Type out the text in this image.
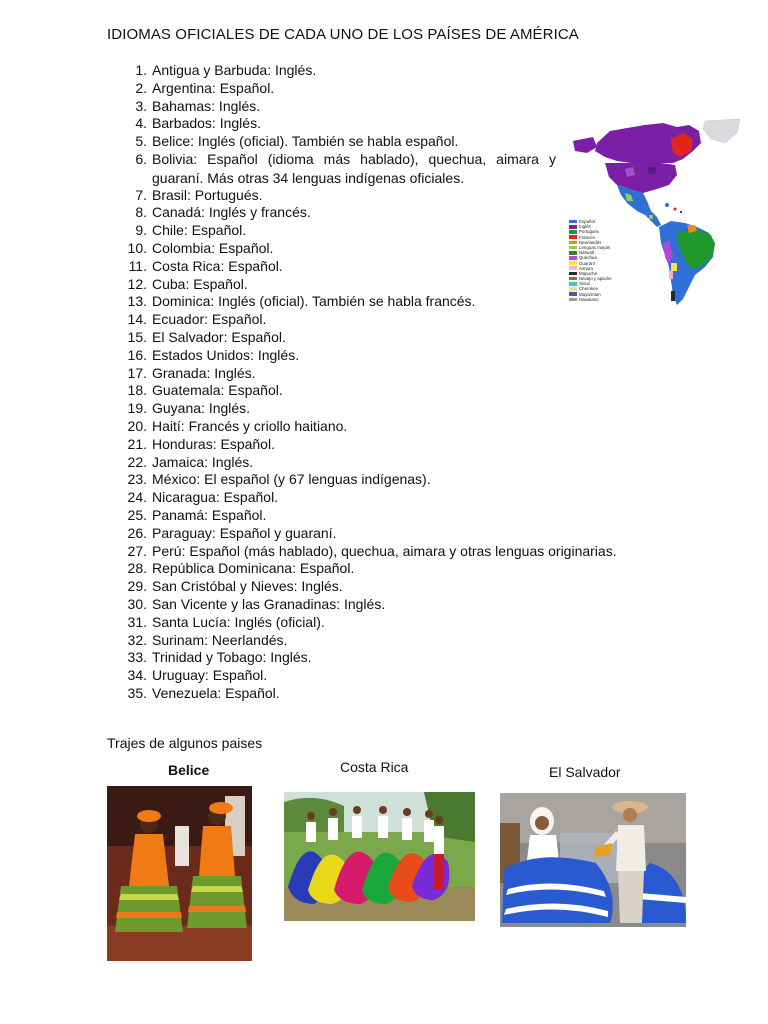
IDIOMAS OFICIALES DE CADA UNO DE LOS PAÍSES DE AMÉRICA
1. Antigua y Barbuda: Inglés.
2. Argentina: Español.
3. Bahamas: Inglés.
4. Barbados: Inglés.
5. Belice: Inglés (oficial). También se habla español.
6. Bolivia: Español (idioma más hablado), quechua, aimara y
7. Brasil: Portugués.
8. Canadá: Inglés y francés.
9. Chile: Español.
10. Colombia: Español.
11. Costa Rica: Español.
12. Cuba: Español.
13. Dominica: Inglés (oficial). También se habla francés.
14. Ecuador: Español.
15. El Salvador: Español.
16. Estados Unidos: Inglés.
17. Granada: Inglés.
18. Guatemala: Español.
19. Guyana: Inglés.
20. Haití: Francés y criollo haitiano.
21. Honduras: Español.
22. Jamaica: Inglés.
23. México: El español (y 67 lenguas indígenas).
24. Nicaragua: Español.
25. Panamá: Español.
26. Paraguay: Español y guaraní.
27. Perú: Español (más hablado), quechua, aimara y otras lenguas originarias.
28. República Dominicana: Español.
29. San Cristóbal y Nieves: Inglés.
30. San Vicente y las Granadinas: Inglés.
31. Santa Lucía: Inglés (oficial).
32. Surinam: Neerlandés.
33. Trinidad y Tobago: Inglés.
34. Uruguay: Español.
35. Venezuela: Español.
guaraní. Más otras 34 lenguas indígenas oficiales.
Español
Inglés
Portugués
Francés
Neerlandés
Lenguas mayas
Náhuatl
Quechua
Guaraní
Aimara
Mapuche
Navajo y apache
Sioux
Cherokee
Maya/mam
Hawaiano
Trajes de algunos paises
Belice	Costa Rica	El Salvador
